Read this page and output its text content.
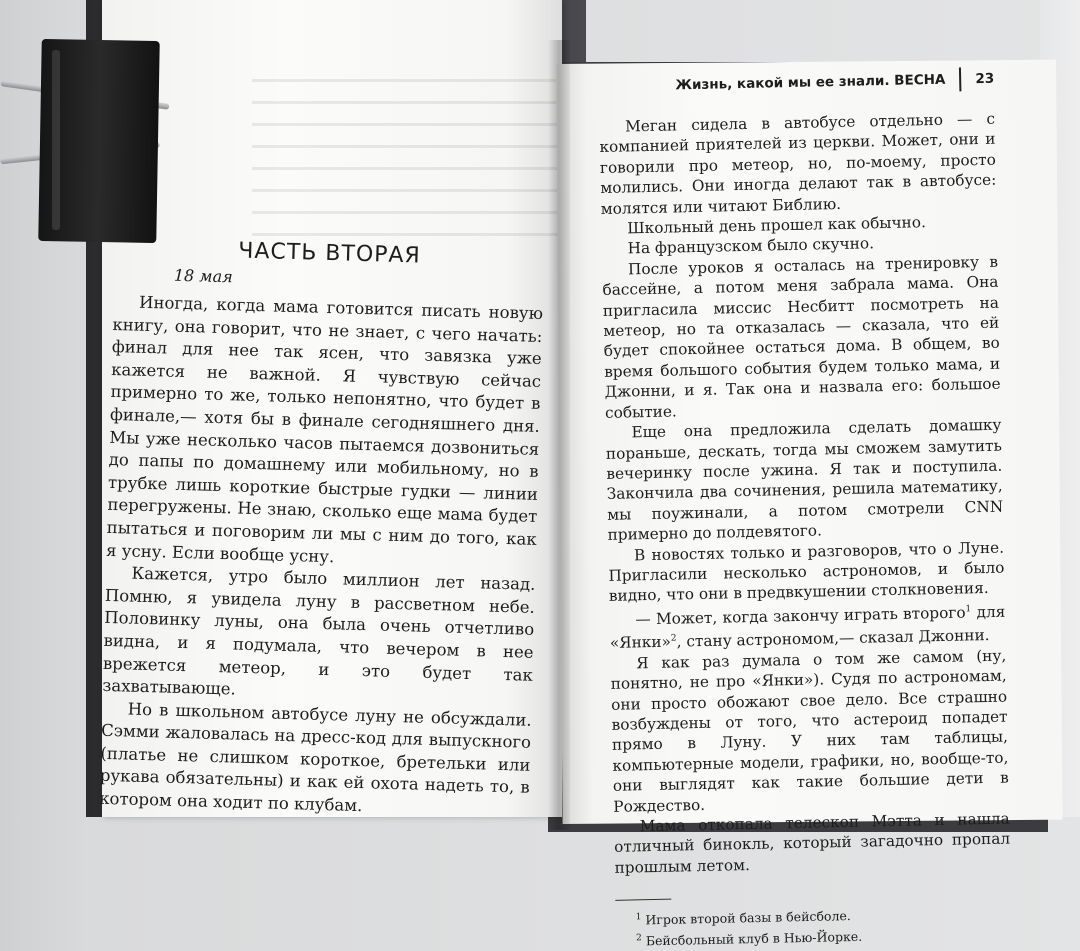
ЧАСТЬ ВТОРАЯ
18 мая

Иногда, когда мама готовится писать новую книгу, она говорит, что не знает, с чего начать: финал для нее так ясен, что завязка уже кажется не важной. Я чувствую сейчас примерно то же, только непонятно, что будет в финале,— хотя бы в финале сегодняшнего дня. Мы уже несколько часов пытаемся дозвониться до папы по домашнему или мобильному, но в трубке лишь короткие быстрые гудки — линии перегружены. Не знаю, сколько еще мама будет пытаться и поговорим ли мы с ним до того, как я усну. Если вообще усну.

Кажется, утро было миллион лет назад. Помню, я увидела луну в рассветном небе. Половинку луны, она была очень отчетливо видна, и я подумала, что вечером в нее врежется метеор, и это будет так захватывающе.

Но в школьном автобусе луну не обсуждали. Сэмми жаловалась на дресс-код для выпускного (платье не слишком короткое, бретельки или рукава обязательны) и как ей охота надеть то, в котором она ходит по клубам.

Жизнь, какой мы ее знали. ВЕСНА 23

Меган сидела в автобусе отдельно — с компанией приятелей из церкви. Может, они и говорили про метеор, но, по-моему, просто молились. Они иногда делают так в автобусе: молятся или читают Библию.

Школьный день прошел как обычно.

На французском было скучно.

После уроков я осталась на тренировку в бассейне, а потом меня забрала мама. Она пригласила миссис Несбитт посмотреть на метеор, но та отказалась — сказала, что ей будет спокойнее остаться дома. В общем, во время большого события будем только мама, и Джонни, и я. Так она и назвала его: большое событие.

Еще она предложила сделать домашку пораньше, дескать, тогда мы сможем замутить вечеринку после ужина. Я так и поступила. Закончила два сочинения, решила математику, мы поужинали, а потом смотрели CNN примерно до полдевятого.

В новостях только и разговоров, что о Луне. Пригласили несколько астрономов, и было видно, что они в предвкушении столкновения.

— Может, когда закончу играть второго$^1$ для «Янки»$^2$, стану астрономом,— сказал Джонни.

Я как раз думала о том же самом (ну, понятно, не про «Янки»). Судя по астрономам, они просто обожают свое дело. Все страшно возбуждены от того, что астероид попадет прямо в Луну. У них там таблицы, компьютерные модели, графики, но, вообще-то, они выглядят как такие большие дети в Рождество.

Мама откопала телескоп Мэтта и нашла отличный бинокль, который загадочно пропал прошлым летом.

$^1$ Игрок второй базы в бейсболе.

$^2$ Бейсбольный клуб в Нью-Йорке.
